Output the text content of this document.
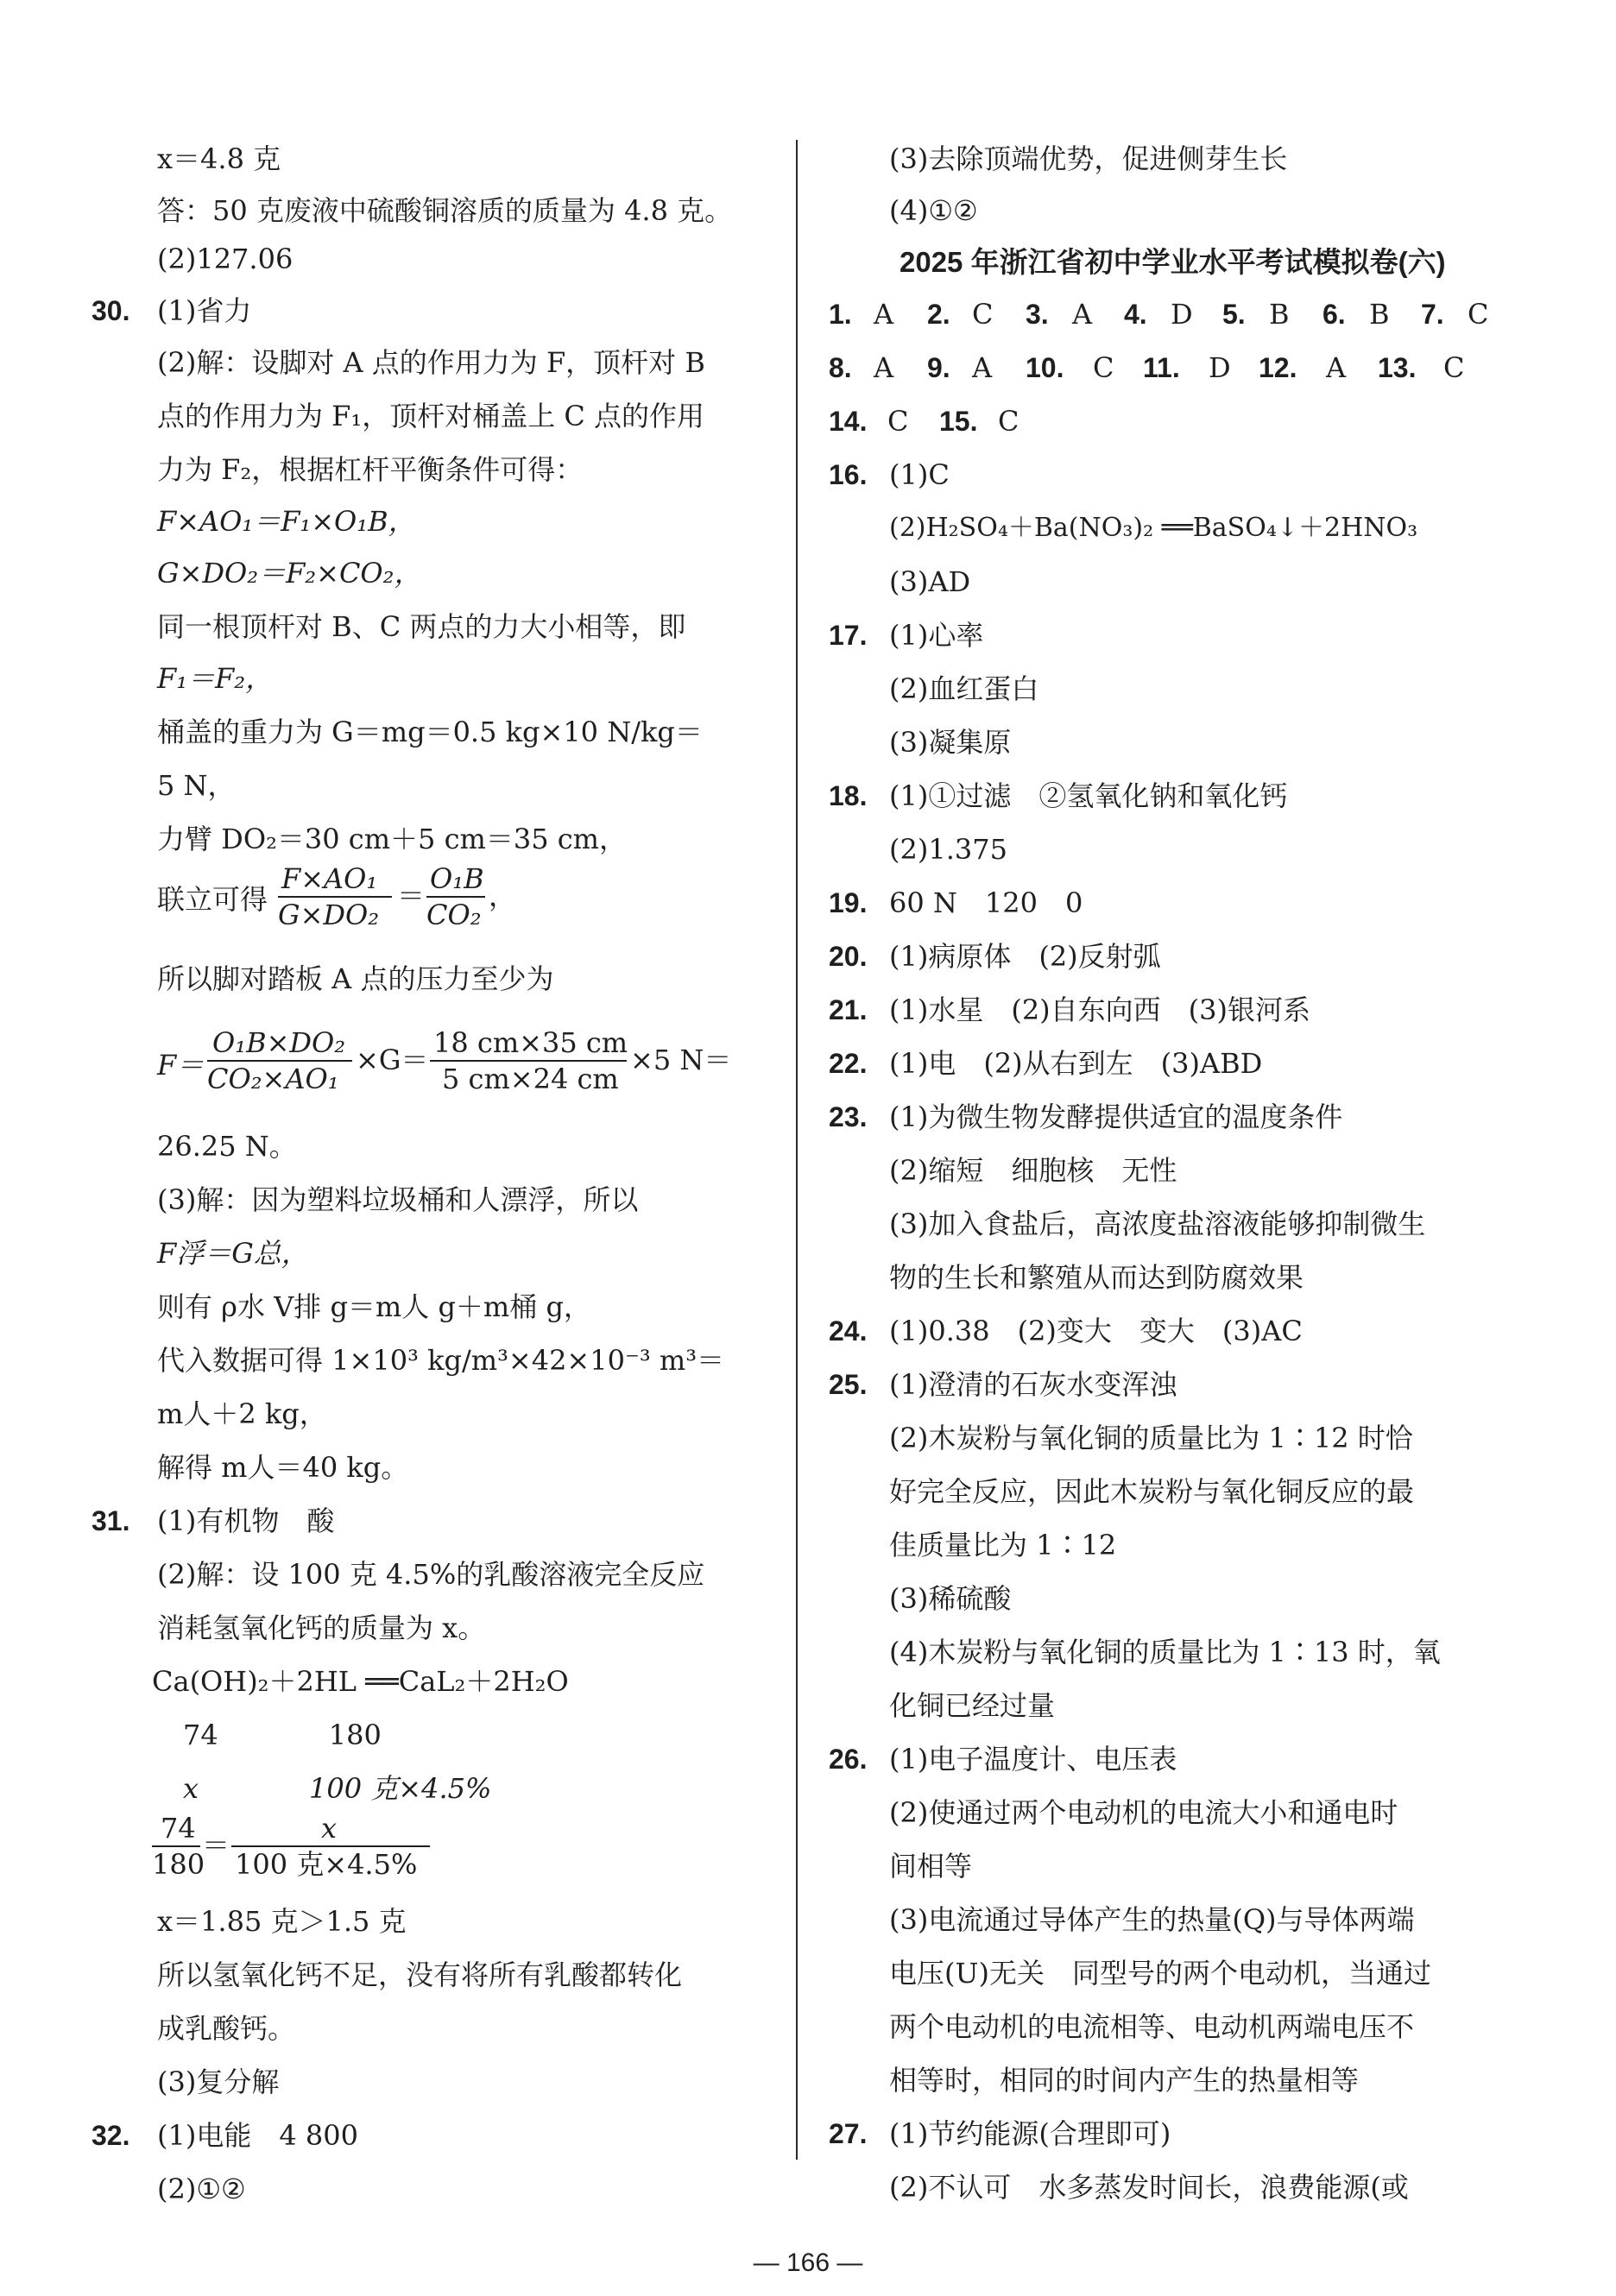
x＝4.8 克
答：50 克废液中硫酸铜溶质的质量为 4.8 克。
(2)127.06
30. (1)省力
(2)解：设脚对 A 点的作用力为 F，顶杆对 B
点的作用力为 F₁，顶杆对桶盖上 C 点的作用
力为 F₂，根据杠杆平衡条件可得：
F×AO₁＝F₁×O₁B，
G×DO₂＝F₂×CO₂，
同一根顶杆对 B、C 两点的力大小相等，即
F₁＝F₂，
桶盖的重力为 G＝mg＝0.5 kg×10 N/kg＝
5 N，
力臂 DO₂＝30 cm＋5 cm＝35 cm，
联立可得
F×AO₁
G×DO₂
＝
O₁B
CO₂
，
所以脚对踏板 A 点的压力至少为
F＝
O₁B×DO₂
CO₂×AO₁
×G＝
18 cm×35 cm
5 cm×24 cm
×5 N＝
26.25 N。
(3)解：因为塑料垃圾桶和人漂浮，所以
F浮＝G总，
则有 ρ水 V排 g＝m人 g＋m桶 g，
代入数据可得 1×10³ kg/m³×42×10⁻³ m³＝
m人＋2 kg，
解得 m人＝40 kg。
31. (1)有机物　酸
(2)解：设 100 克 4.5%的乳酸溶液完全反应
消耗氢氧化钙的质量为 x。
Ca(OH)₂＋2HL ══CaL₂＋2H₂O
74　　　　180
x　　　　100 克×4.5%
74
180
＝
x
100 克×4.5%
x＝1.85 克＞1.5 克
所以氢氧化钙不足，没有将所有乳酸都转化
成乳酸钙。
(3)复分解
32. (1)电能　4 800
(2)①②
(3)去除顶端优势，促进侧芽生长
(4)①②
2025 年浙江省初中学业水平考试模拟卷(六)
1. A 2. C 3. A 4. D 5. B 6. B 7. C
8. A 9. A 10. C 11. D 12. A 13. C
14. C 15. C
16. (1)C
(2)H₂SO₄＋Ba(NO₃)₂ ══BaSO₄↓＋2HNO₃
(3)AD
17. (1)心率
(2)血红蛋白
(3)凝集原
18. (1)①过滤　②氢氧化钠和氧化钙
(2)1.375
19. 60 N　120　0
20. (1)病原体　(2)反射弧
21. (1)水星　(2)自东向西　(3)银河系
22. (1)电　(2)从右到左　(3)ABD
23. (1)为微生物发酵提供适宜的温度条件
(2)缩短　细胞核　无性
(3)加入食盐后，高浓度盐溶液能够抑制微生
物的生长和繁殖从而达到防腐效果
24. (1)0.38　(2)变大　变大　(3)AC
25. (1)澄清的石灰水变浑浊
(2)木炭粉与氧化铜的质量比为 1∶12 时恰
好完全反应，因此木炭粉与氧化铜反应的最
佳质量比为 1∶12
(3)稀硫酸
(4)木炭粉与氧化铜的质量比为 1∶13 时，氧
化铜已经过量
26. (1)电子温度计、电压表
(2)使通过两个电动机的电流大小和通电时
间相等
(3)电流通过导体产生的热量(Q)与导体两端
电压(U)无关　同型号的两个电动机，当通过
两个电动机的电流相等、电动机两端电压不
相等时，相同的时间内产生的热量相等
27. (1)节约能源(合理即可)
(2)不认可　水多蒸发时间长，浪费能源(或
— 166 —
